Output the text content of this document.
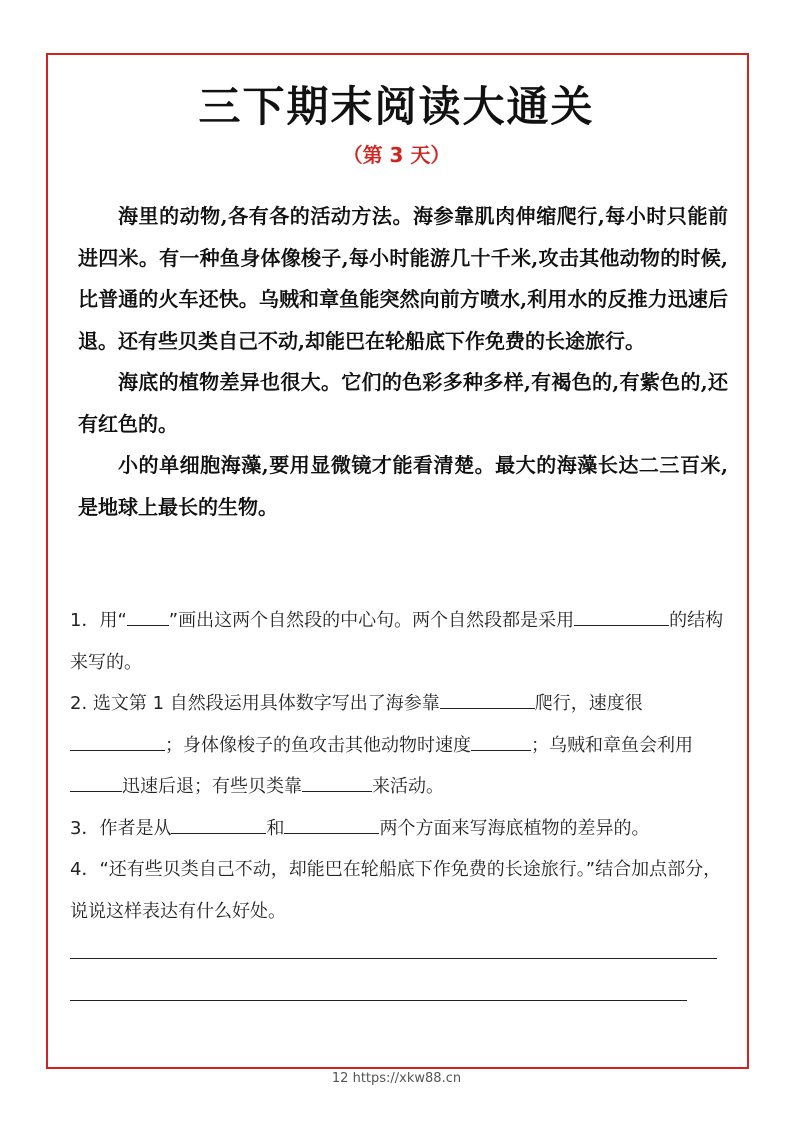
三下期末阅读大通关
（第 3 天）

海里的动物,各有各的活动方法。海参靠肌肉伸缩爬行,每小时只能前进四米。有一种鱼身体像梭子,每小时能游几十千米,攻击其他动物的时候,比普通的火车还快。乌贼和章鱼能突然向前方喷水,利用水的反推力迅速后退。还有些贝类自己不动,却能巴在轮船底下作免费的长途旅行。

海底的植物差异也很大。它们的色彩多种多样,有褐色的,有紫色的,还有红色的。

小的单细胞海藻,要用显微镜才能看清楚。最大的海藻长达二三百米,是地球上最长的生物。

1．用“ ”画出这两个自然段的中心句。两个自然段都是采用	的结构来写的。

2. 选文第 1 自然段运用具体数字写出了海参靠	爬行，速度很；身体像梭子的鱼攻击其他动物时速度	；乌贼和章鱼会利用迅速后退；有些贝类靠	来活动。

3．作者是从	和	两个方面来写海底植物的差异的。

4．“还有些贝类自己不动，却能巴在轮船底下作免费的长途旅行。”结合加点部分，说说这样表达有什么好处。

12 https://xkw88.cn
